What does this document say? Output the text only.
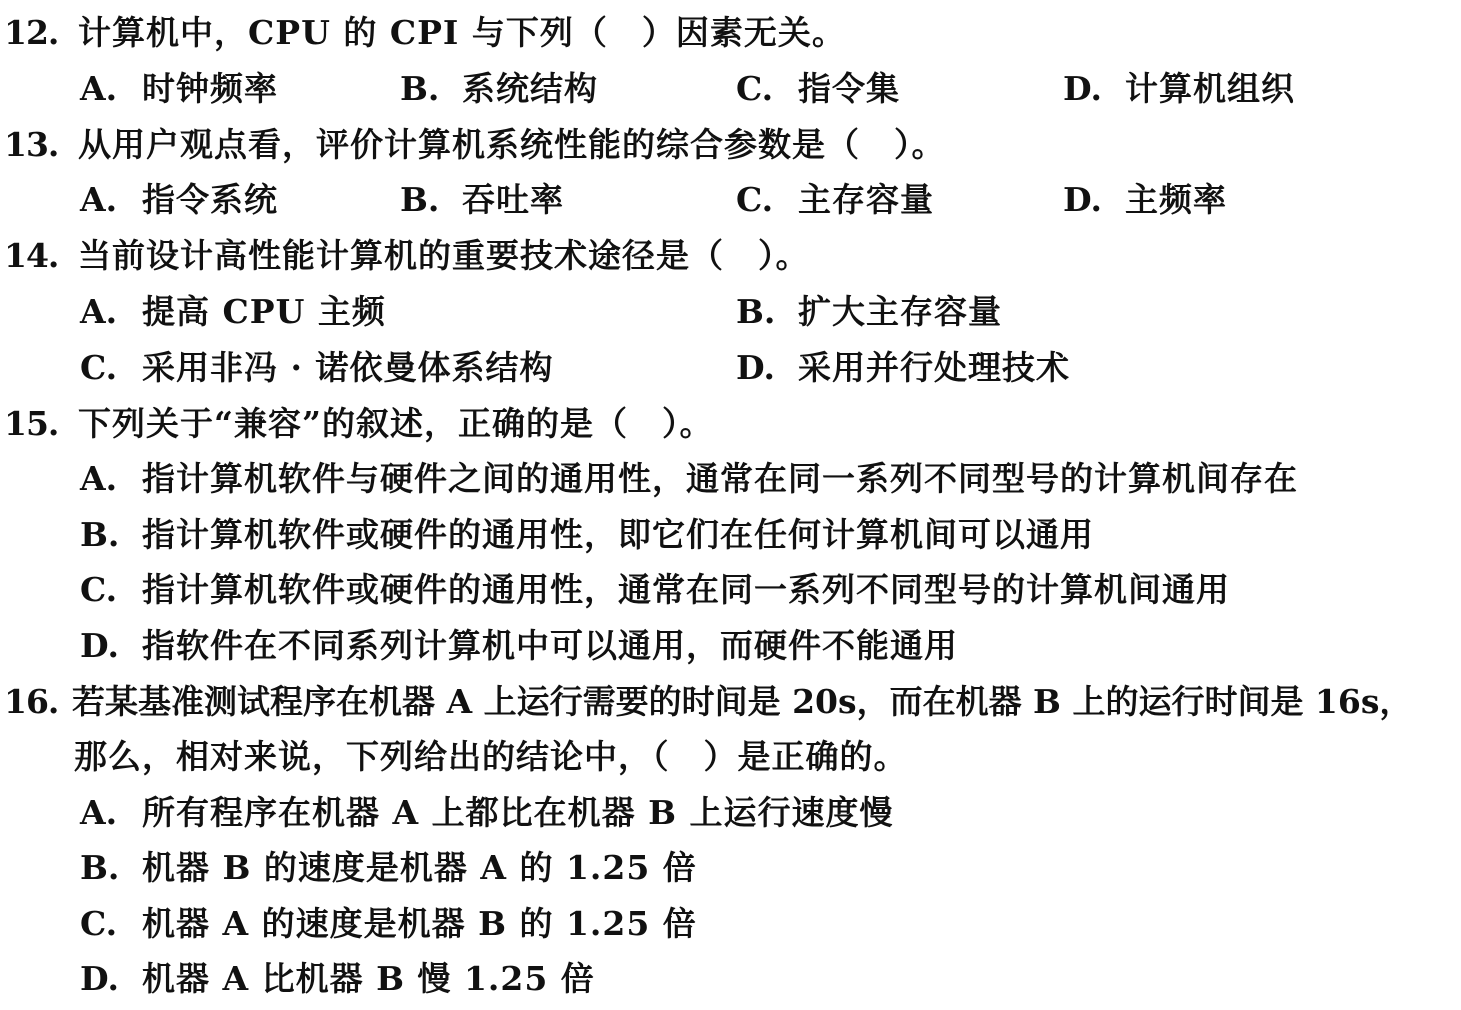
12. 计算机中，CPU 的 CPI 与下列（　）因素无关。
A. 时钟频率	B. 系统结构	C. 指令集	D. 计算机组织
13. 从用户观点看，评价计算机系统性能的综合参数是（　）。
A. 指令系统	B. 吞吐率	C. 主存容量	D. 主频率
14. 当前设计高性能计算机的重要技术途径是（　）。
A. 提高 CPU 主频	B. 扩大主存容量
C. 采用非冯 · 诺依曼体系结构	D. 采用并行处理技术
15. 下列关于“兼容”的叙述，正确的是（　）。
A. 指计算机软件与硬件之间的通用性，通常在同一系列不同型号的计算机间存在
B. 指计算机软件或硬件的通用性，即它们在任何计算机间可以通用
C. 指计算机软件或硬件的通用性，通常在同一系列不同型号的计算机间通用
D. 指软件在不同系列计算机中可以通用，而硬件不能通用
16. 若某基准测试程序在机器 A 上运行需要的时间是 20s，而在机器 B 上的运行时间是 16s，
那么，相对来说，下列给出的结论中，（　）是正确的。
A. 所有程序在机器 A 上都比在机器 B 上运行速度慢
B. 机器 B 的速度是机器 A 的 1.25 倍
C. 机器 A 的速度是机器 B 的 1.25 倍
D. 机器 A 比机器 B 慢 1.25 倍
